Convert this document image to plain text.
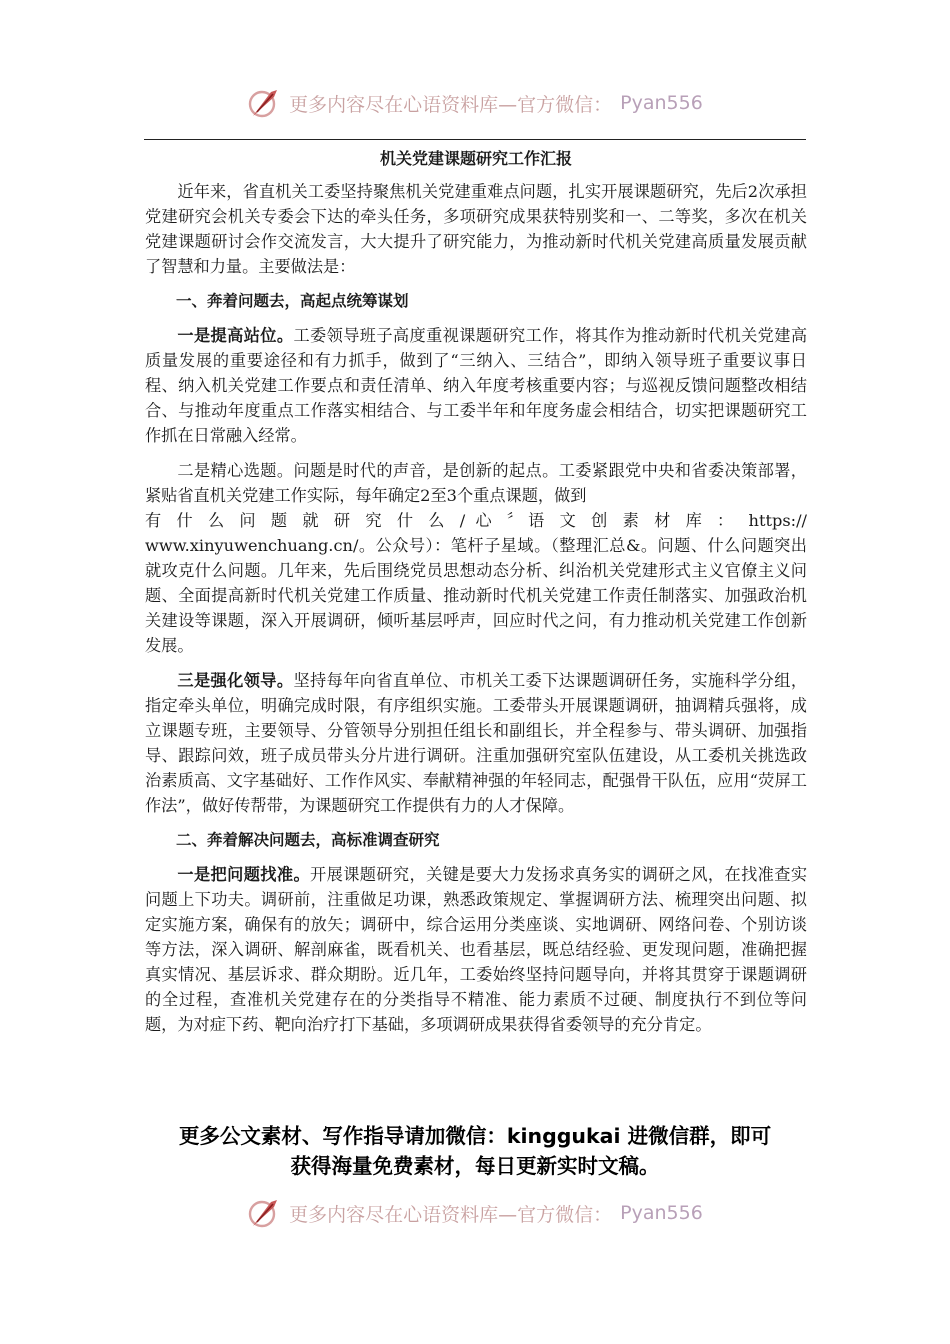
更多内容尽在心语资料库—官方微信： Pyan556
机关党建课题研究工作汇报

近年来，省直机关工委坚持聚焦机关党建重难点问题，扎实开展课题研究，先后2次承担党建研究会机关专委会下达的牵头任务，多项研究成果获特别奖和一、二等奖，多次在机关党建课题研讨会作交流发言，大大提升了研究能力，为推动新时代机关党建高质量发展贡献了智慧和力量。主要做法是：

一、奔着问题去，高起点统筹谋划

一是提高站位。工委领导班子高度重视课题研究工作，将其作为推动新时代机关党建高质量发展的重要途径和有力抓手，做到了“三纳入、三结合”，即纳入领导班子重要议事日程、纳入机关党建工作要点和责任清单、纳入年度考核重要内容；与巡视反馈问题整改相结合、与推动年度重点工作落实相结合、与工委半年和年度务虚会相结合，切实把课题研究工作抓在日常融入经常。

二是精心选题。问题是时代的声音，是创新的起点。工委紧跟党中央和省委决策部署，紧贴省直机关党建工作实际，每年确定2至3个重点课题，做到

有 什 么 问 题 就 研 究 什 么 / 心 〞语 文 创 素 材 库 ： https://

www.xinyuwenchuang.cn/。公众号）：笔杆子星域。（整理汇总&。问题、什么问题突出就攻克什么问题。几年来，先后围绕党员思想动态分析、纠治机关党建形式主义官僚主义问题、全面提高新时代机关党建工作质量、推动新时代机关党建工作责任制落实、加强政治机关建设等课题，深入开展调研，倾听基层呼声，回应时代之问，有力推动机关党建工作创新发展。

三是强化领导。坚持每年向省直单位、市机关工委下达课题调研任务，实施科学分组，指定牵头单位，明确完成时限，有序组织实施。工委带头开展课题调研，抽调精兵强将，成立课题专班，主要领导、分管领导分别担任组长和副组长，并全程参与、带头调研、加强指导、跟踪问效，班子成员带头分片进行调研。注重加强研究室队伍建设，从工委机关挑选政治素质高、文字基础好、工作作风实、奉献精神强的年轻同志，配强骨干队伍，应用“荧屏工作法”，做好传帮带，为课题研究工作提供有力的人才保障。

二、奔着解决问题去，高标准调查研究

一是把问题找准。开展课题研究，关键是要大力发扬求真务实的调研之风，在找准查实问题上下功夫。调研前，注重做足功课，熟悉政策规定、掌握调研方法、梳理突出问题、拟定实施方案，确保有的放矢；调研中，综合运用分类座谈、实地调研、网络问卷、个别访谈等方法，深入调研、解剖麻雀，既看机关、也看基层，既总结经验、更发现问题，准确把握真实情况、基层诉求、群众期盼。近几年，工委始终坚持问题导向，并将其贯穿于课题调研的全过程，查准机关党建存在的分类指导不精准、能力素质不过硬、制度执行不到位等问题，为对症下药、靶向治疗打下基础，多项调研成果获得省委领导的充分肯定。

更多公文素材、写作指导请加微信：kinggukai 进微信群，即可
获得海量免费素材，每日更新实时文稿。
更多内容尽在心语资料库—官方微信： Pyan556
